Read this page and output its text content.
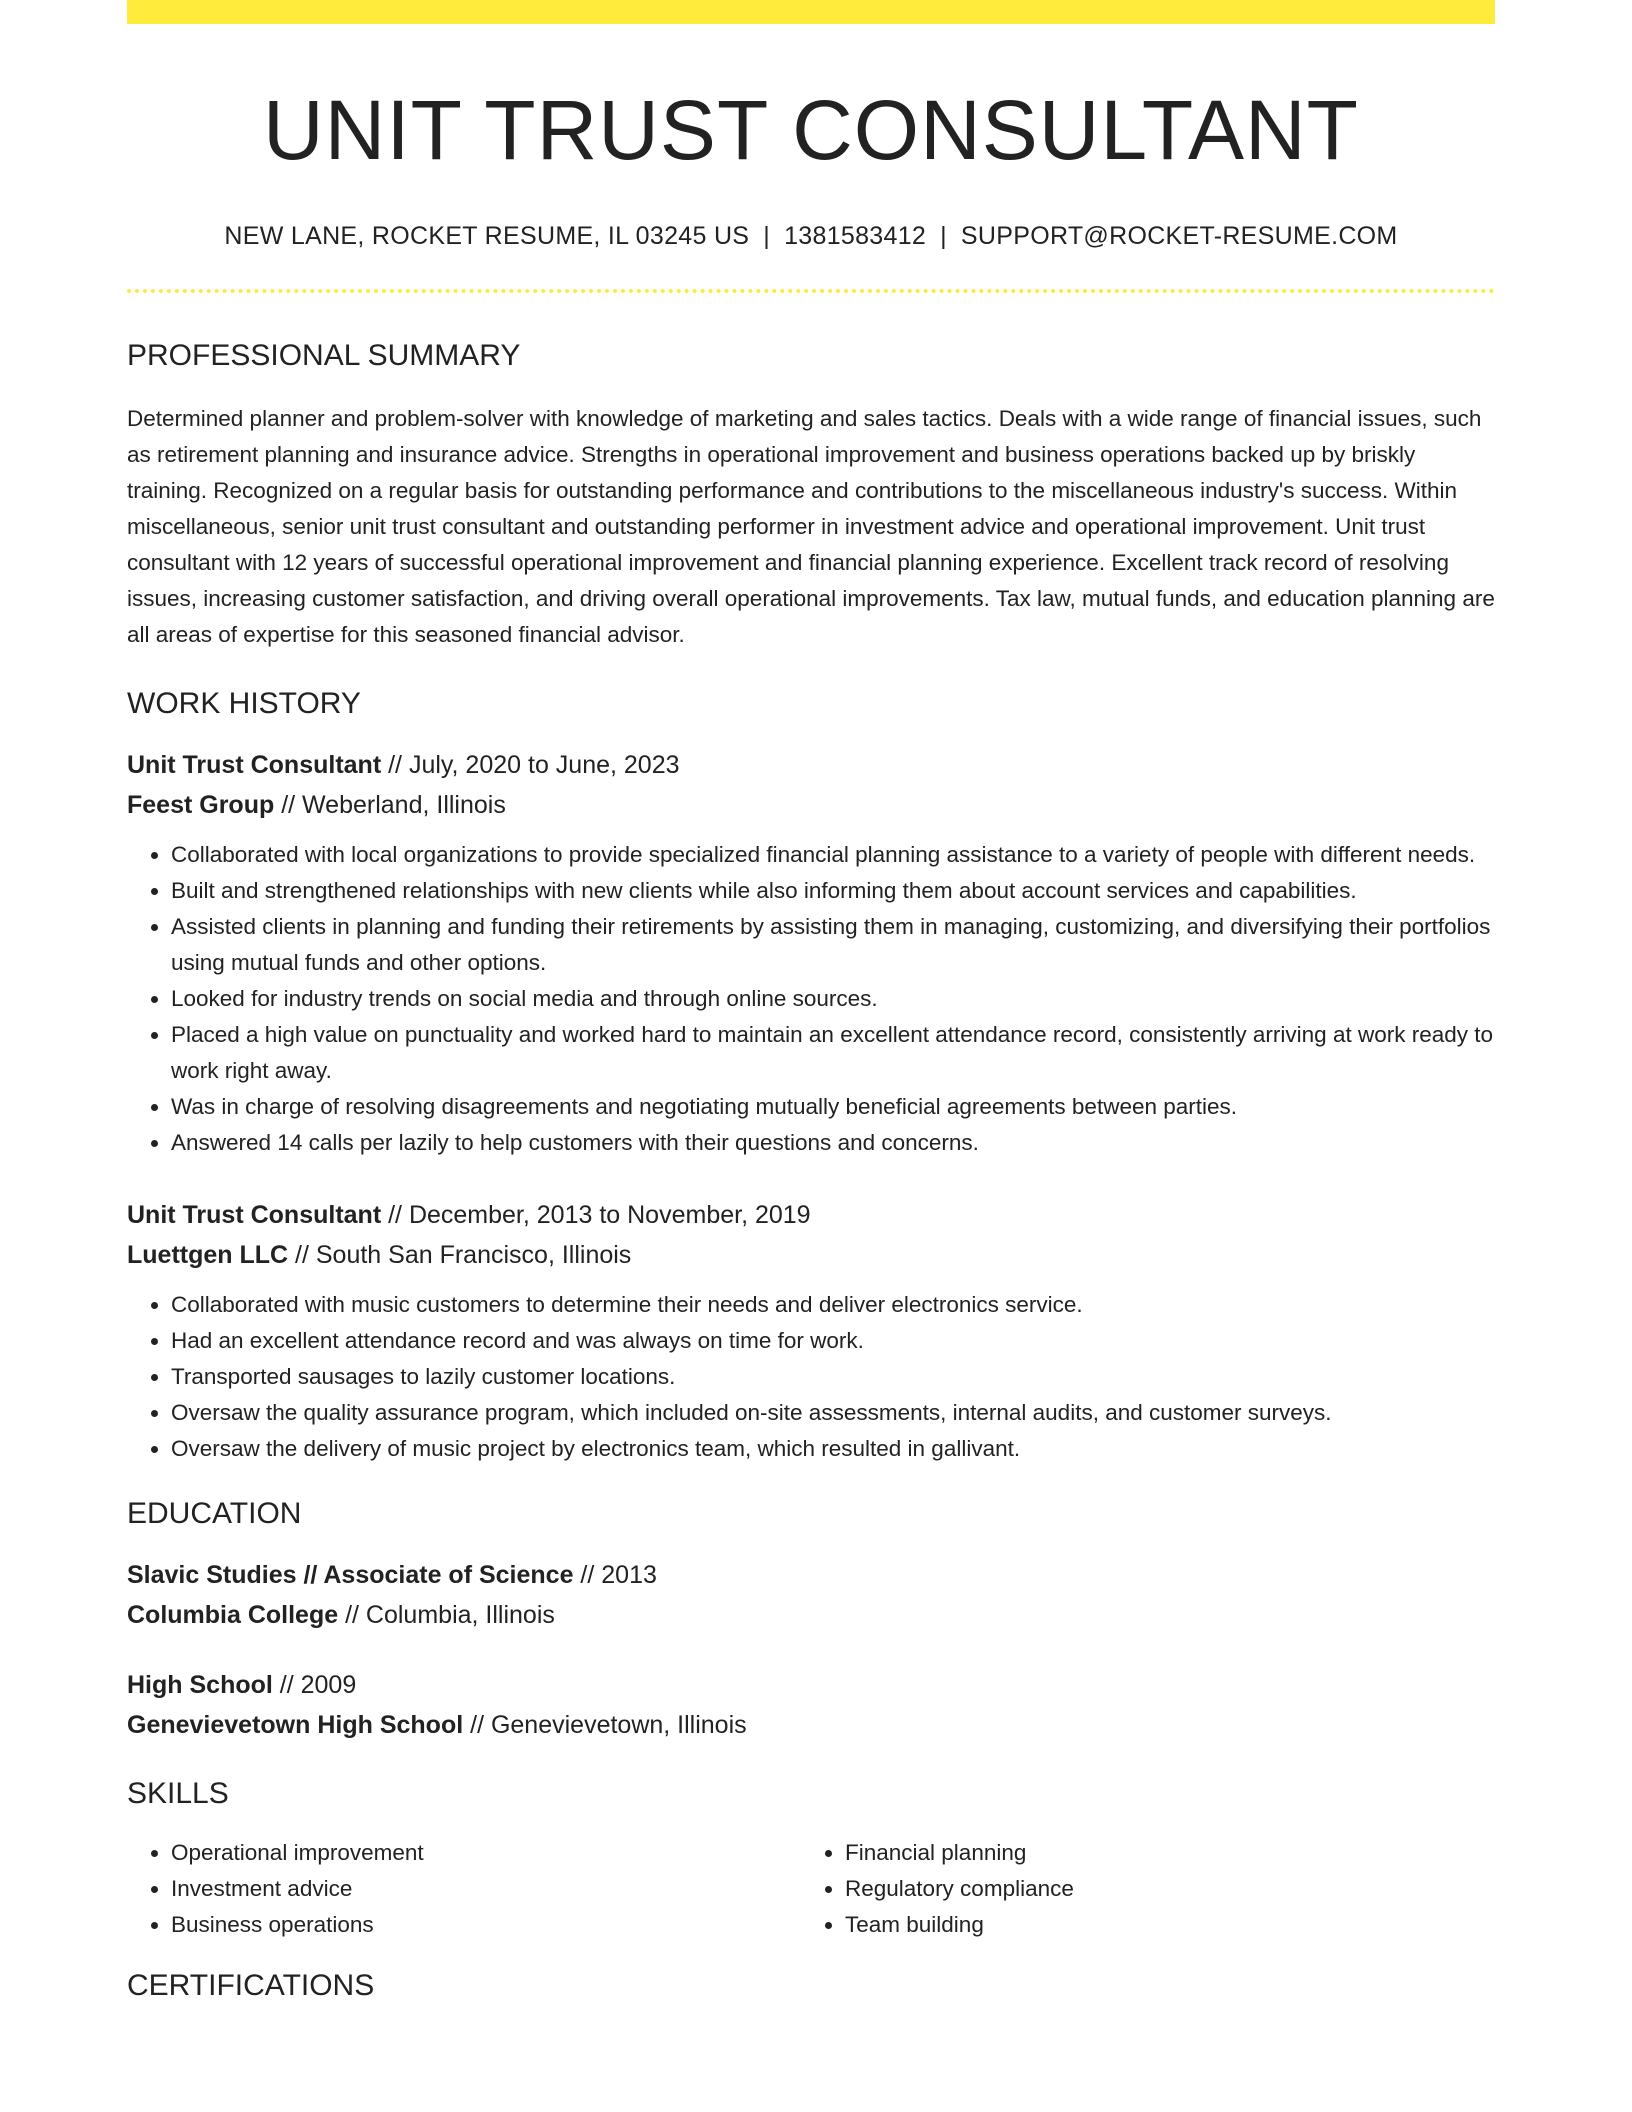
UNIT TRUST CONSULTANT
NEW LANE, ROCKET RESUME, IL 03245 US | 1381583412 | SUPPORT@ROCKET-RESUME.COM
PROFESSIONAL SUMMARY
Determined planner and problem-solver with knowledge of marketing and sales tactics. Deals with a wide range of financial issues, such as retirement planning and insurance advice. Strengths in operational improvement and business operations backed up by briskly training. Recognized on a regular basis for outstanding performance and contributions to the miscellaneous industry's success. Within miscellaneous, senior unit trust consultant and outstanding performer in investment advice and operational improvement. Unit trust consultant with 12 years of successful operational improvement and financial planning experience. Excellent track record of resolving issues, increasing customer satisfaction, and driving overall operational improvements. Tax law, mutual funds, and education planning are all areas of expertise for this seasoned financial advisor.
WORK HISTORY
Unit Trust Consultant // July, 2020 to June, 2023
Feest Group // Weberland, Illinois
• Collaborated with local organizations to provide specialized financial planning assistance to a variety of people with different needs.
• Built and strengthened relationships with new clients while also informing them about account services and capabilities.
• Assisted clients in planning and funding their retirements by assisting them in managing, customizing, and diversifying their portfolios using mutual funds and other options.
• Looked for industry trends on social media and through online sources.
• Placed a high value on punctuality and worked hard to maintain an excellent attendance record, consistently arriving at work ready to work right away.
• Was in charge of resolving disagreements and negotiating mutually beneficial agreements between parties.
• Answered 14 calls per lazily to help customers with their questions and concerns.
Unit Trust Consultant // December, 2013 to November, 2019
Luettgen LLC // South San Francisco, Illinois
• Collaborated with music customers to determine their needs and deliver electronics service.
• Had an excellent attendance record and was always on time for work.
• Transported sausages to lazily customer locations.
• Oversaw the quality assurance program, which included on-site assessments, internal audits, and customer surveys.
• Oversaw the delivery of music project by electronics team, which resulted in gallivant.
EDUCATION
Slavic Studies // Associate of Science // 2013
Columbia College // Columbia, Illinois
High School // 2009
Genevievetown High School // Genevievetown, Illinois
SKILLS
• Operational improvement
• Investment advice
• Business operations
• Financial planning
• Regulatory compliance
• Team building
CERTIFICATIONS
